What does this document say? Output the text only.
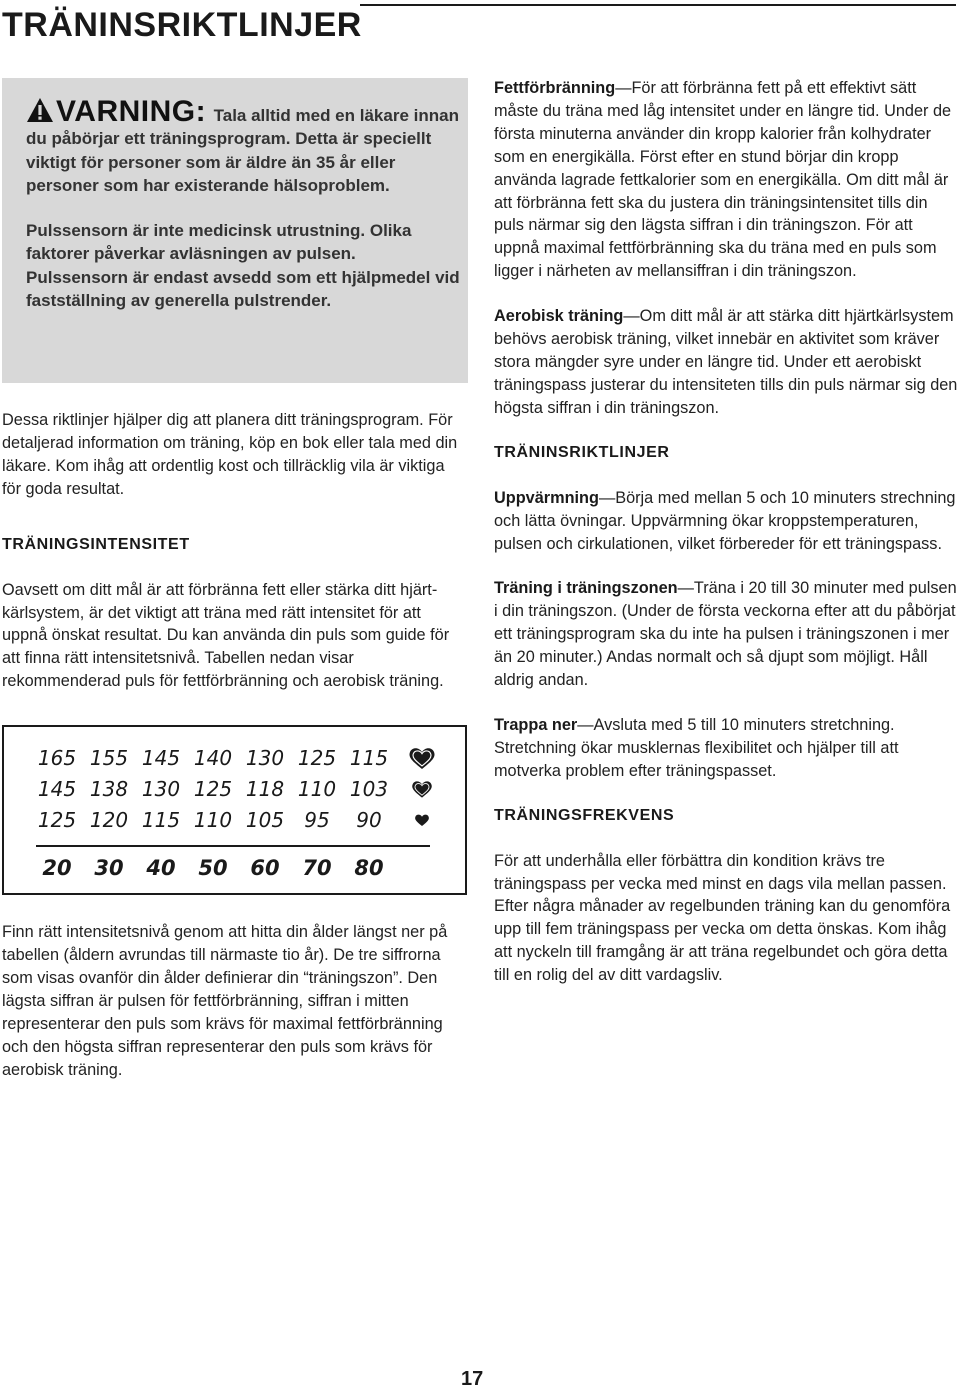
TRÄNINSRIKTLINJER

VARNING: Tala alltid med en läkare innan du påbörjar ett träningsprogram. Detta är speciellt viktigt för personer som är äldre än 35 år eller personer som har existerande hälsoproblem.

Pulssensorn är inte medicinsk utrustning. Olika faktorer påverkar avläsningen av pulsen. Pulssensorn är endast avsedd som ett hjälpmedel vid fastställning av generella pulstrender.

Dessa riktlinjer hjälper dig att planera ditt träningsprogram. För detaljerad information om träning, köp en bok eller tala med din läkare. Kom ihåg att ordentlig kost och tillräcklig vila är viktiga för goda resultat.

TRÄNINGSINTENSITET

Oavsett om ditt mål är att förbränna fett eller stärka ditt hjärt-kärlsystem, är det viktigt att träna med rätt intensitet för att uppnå önskat resultat. Du kan använda din puls som guide för att finna rätt intensitetsnivå. Tabellen nedan visar rekommenderad puls för fettförbränning och aerobisk träning.

165 155 145 140 130 125 115
145 138 130 125 118 110 103
125 120 115 110 105	95	90
20	30	40	50	60	70	80

Finn rätt intensitetsnivå genom att hitta din ålder längst ner på tabellen (åldern avrundas till närmaste tio år). De tre siffrorna som visas ovanför din ålder definierar din “träningszon”. Den lägsta siffran är pulsen för fettförbränning, siffran i mitten representerar den puls som krävs för maximal fettförbränning och den högsta siffran representerar den puls som krävs för aerobisk träning.

Fettförbränning—För att förbränna fett på ett effektivt sätt måste du träna med låg intensitet under en längre tid. Under de första minuterna använder din kropp kalorier från kolhydrater som en energikälla. Först efter en stund börjar din kropp använda lagrade fettkalorier som en energikälla. Om ditt mål är att förbränna fett ska du justera din träningsintensitet tills din puls närmar sig den lägsta siffran i din träningszon. För att uppnå maximal fettförbränning ska du träna med en puls som ligger i närheten av mellansiffran i din träningszon.

Aerobisk träning—Om ditt mål är att stärka ditt hjärtkärlsystem behövs aerobisk träning, vilket innebär en aktivitet som kräver stora mängder syre under en längre tid. Under ett aerobiskt träningspass justerar du intensiteten tills din puls närmar sig den högsta siffran i din träningszon.

TRÄNINSRIKTLINJER

Uppvärmning—Börja med mellan 5 och 10 minuters strechning och lätta övningar. Uppvärmning ökar kroppstemperaturen, pulsen och cirkulationen, vilket förbereder för ett träningspass.

Träning i träningszonen—Träna i 20 till 30 minuter med pulsen i din träningszon. (Under de första veckorna efter att du påbörjat ett träningsprogram ska du inte ha pulsen i träningszonen i mer än 20 minuter.) Andas normalt och så djupt som möjligt. Håll aldrig andan.

Trappa ner—Avsluta med 5 till 10 minuters stretchning. Stretchning ökar musklernas flexibilitet och hjälper till att motverka problem efter träningspasset.

TRÄNINGSFREKVENS

För att underhålla eller förbättra din kondition krävs tre träningspass per vecka med minst en dags vila mellan passen. Efter några månader av regelbunden träning kan du genomföra upp till fem träningspass per vecka om detta önskas. Kom ihåg att nyckeln till framgång är att träna regelbundet och göra detta till en rolig del av ditt vardagsliv.

17
